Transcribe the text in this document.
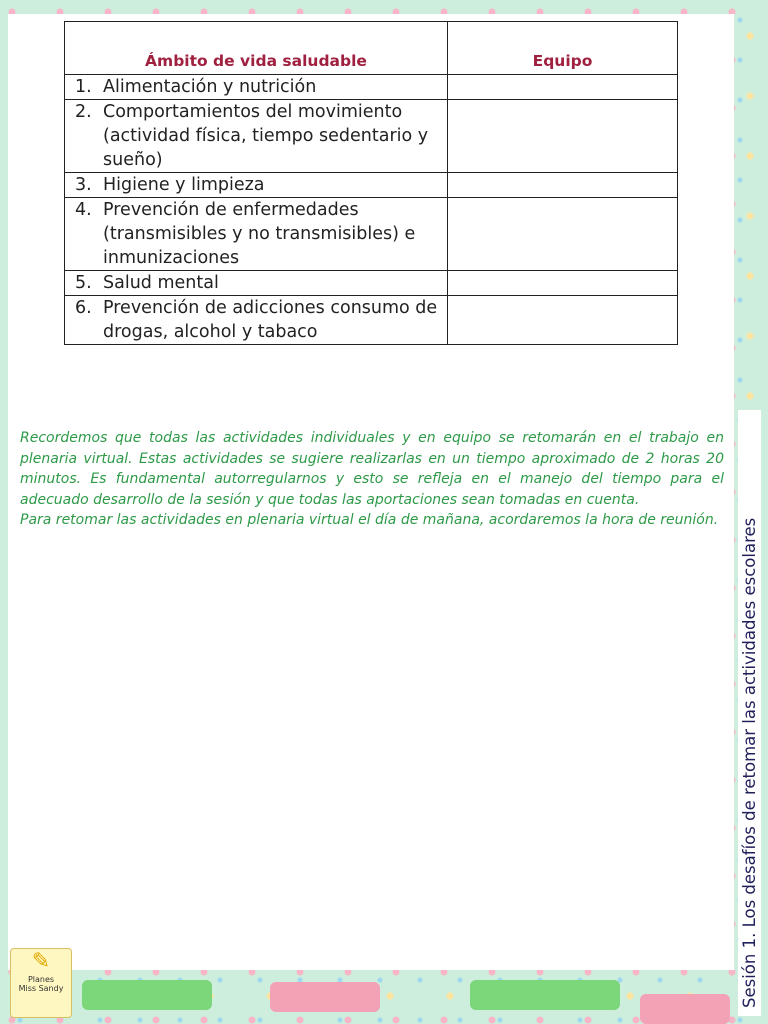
Ámbito de vida saludable	Equipo
1. Alimentación y nutrición	
2. Comportamientos del movimiento (actividad física, tiempo sedentario y sueño)	
3. Higiene y limpieza	
4. Prevención de enfermedades (transmisibles y no transmisibles) e inmunizaciones	
5. Salud mental	
6. Prevención de adicciones consumo de drogas, alcohol y tabaco	

Recordemos que todas las actividades individuales y en equipo se retomarán en el trabajo en plenaria virtual. Estas actividades se sugiere realizarlas en un tiempo aproximado de 2 horas 20 minutos. Es fundamental autorregularnos y esto se refleja en el manejo del tiempo para el adecuado desarrollo de la sesión y que todas las aportaciones sean tomadas en cuenta.

Para retomar las actividades en plenaria virtual el día de mañana, acordaremos la hora de reunión.	Sesión 1. Los desafíos de retomar las actividades escolares
✎
Planes
Miss Sandy
